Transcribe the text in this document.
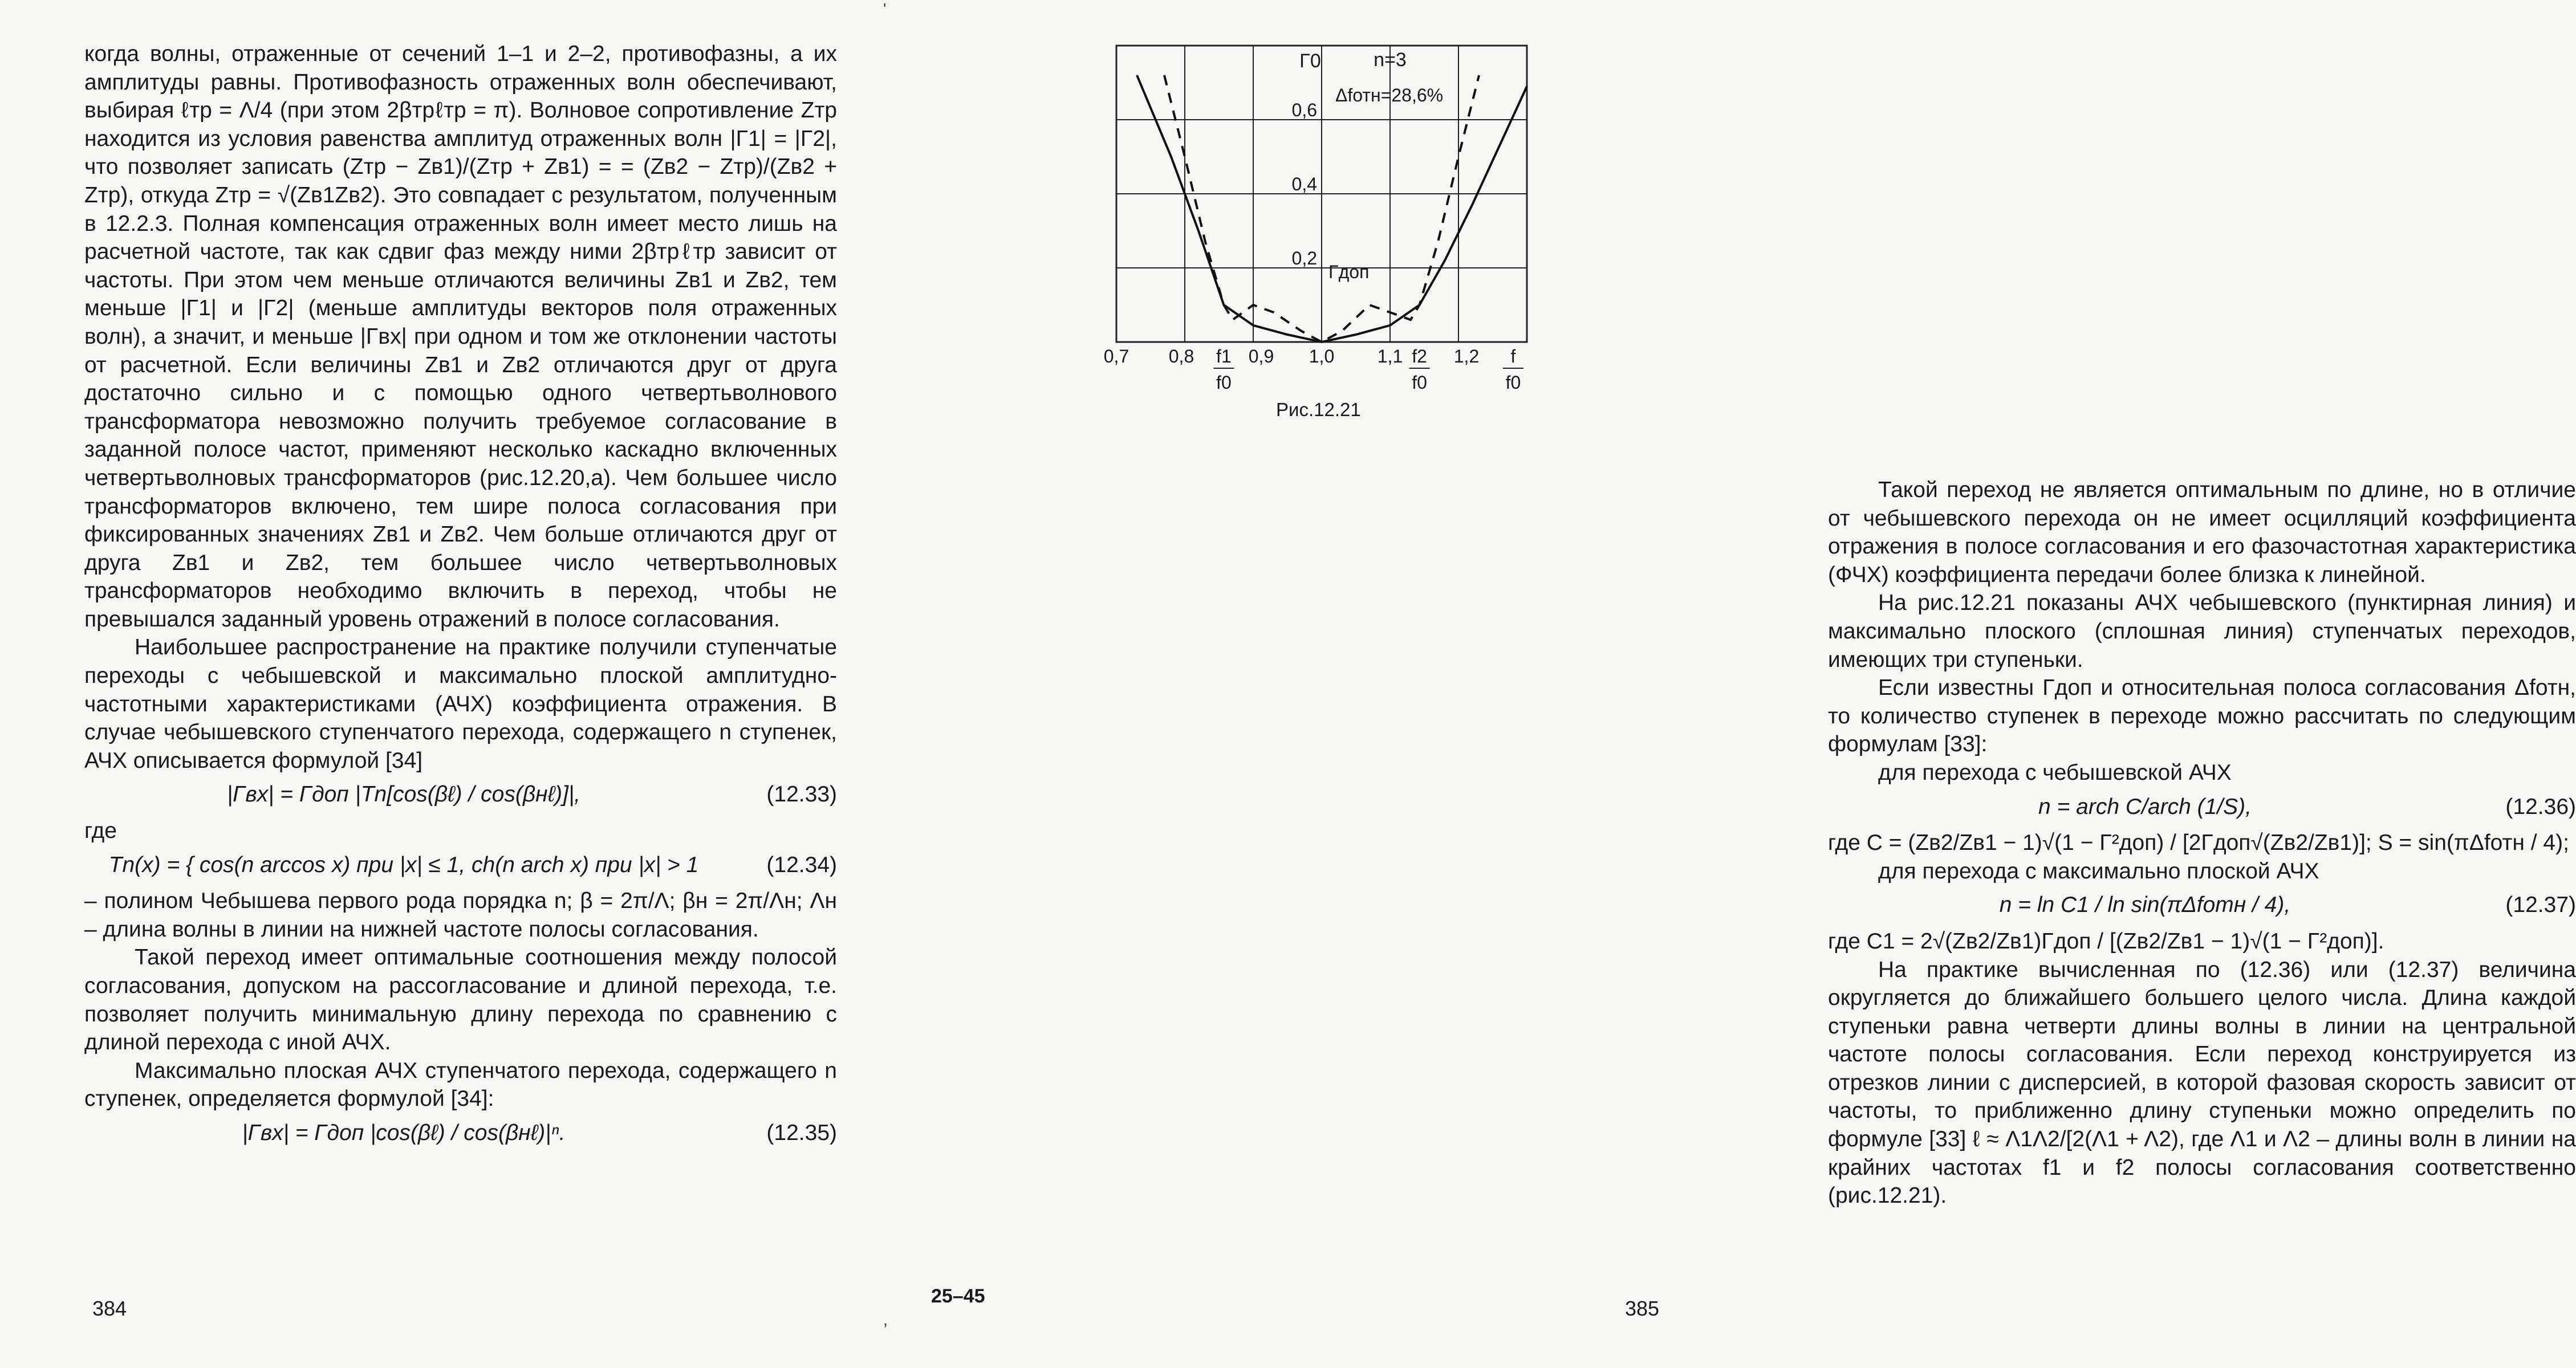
'
,

когда волны, отраженные от сечений 1–1 и 2–2, противофазны, а их амплитуды равны. Противофазность отраженных волн обеспечивают, выбирая ℓтр = Λ/4 (при этом 2βтрℓтр = π). Волновое сопротивление Zтр находится из условия равенства амплитуд отраженных волн |Γ1| = |Γ2|, что позволяет записать (Zтр − Zв1)/(Zтр + Zв1) = = (Zв2 − Zтр)/(Zв2 + Zтр), откуда Zтр = √(Zв1Zв2). Это совпадает с результатом, полученным в 12.2.3. Полная компенсация отраженных волн имеет место лишь на расчетной частоте, так как сдвиг фаз между ними 2βтрℓтр зависит от частоты. При этом чем меньше отличаются величины Zв1 и Zв2, тем меньше |Γ1| и |Γ2| (меньше амплитуды векторов поля отраженных волн), а значит, и меньше |Γвх| при одном и том же отклонении частоты от расчетной. Если величины Zв1 и Zв2 отличаются друг от друга достаточно сильно и с помощью одного четвертьволнового трансформатора невозможно получить требуемое согласование в заданной полосе частот, применяют несколько каскадно включенных четвертьволновых трансформаторов (рис.12.20,а). Чем большее число трансформаторов включено, тем шире полоса согласования при фиксированных значениях Zв1 и Zв2. Чем больше отличаются друг от друга Zв1 и Zв2, тем большее число четвертьволновых трансформаторов необходимо включить в переход, чтобы не превышался заданный уровень отражений в полосе согласования.

Наибольшее распространение на практике получили ступенчатые переходы с чебышевской и максимально плоской амплитудно-частотными характеристиками (АЧХ) коэффициента отражения. В случае чебышевского ступенчатого перехода, содержащего n ступенек, АЧХ описывается формулой [34]

|Γвх| = Γдоп |Tn[cos(βℓ) / cos(βнℓ)]|,	(12.33)

где

Tn(x) = { cos(n arccos x) при |x| ≤ 1, ch(n arch x) при |x| > 1	(12.34)

– полином Чебышева первого рода порядка n; β = 2π/Λ; βн = 2π/Λн; Λн – длина волны в линии на нижней частоте полосы согласования.

Такой переход имеет оптимальные соотношения между полосой согласования, допуском на рассогласование и длиной перехода, т.е. позволяет получить минимальную длину перехода по сравнению с длиной перехода с иной АЧХ.

Максимально плоская АЧХ ступенчатого перехода, содержащего n ступенек, определяется формулой [34]:

|Γвх| = Γдоп |cos(βℓ) / cos(βнℓ)|ⁿ.	(12.35)
384
Γ0
0,2
0,4
0,6
0,7 0,8	0,9 1,0 1,1	1,2
f1
f0
f2
f0
f
f0
n=3
Δfотн=28,6%
Γдоп
Рис.12.21

Такой переход не является оптимальным по длине, но в отличие от чебышевского перехода он не имеет осцилляций коэффициента отражения в полосе согласования и его фазочастотная характеристика (ФЧХ) коэффициента передачи более близка к линейной.

На рис.12.21 показаны АЧХ чебышевского (пунктирная линия) и максимально плоского (сплошная линия) ступенчатых переходов, имеющих три ступеньки.

Если известны Γдоп и относительная полоса согласования Δfотн, то количество ступенек в переходе можно рассчитать по следующим формулам [33]:

для перехода с чебышевской АЧХ

n = arch C/arch (1/S),	(12.36)

где C = (Zв2/Zв1 − 1)√(1 − Γ²доп) / [2Γдоп√(Zв2/Zв1)]; S = sin(πΔfотн / 4);

для перехода с максимально плоской АЧХ

n = ln C1 / ln sin(πΔfотн / 4),	(12.37)

где C1 = 2√(Zв2/Zв1)Γдоп / [(Zв2/Zв1 − 1)√(1 − Γ²доп)].

На практике вычисленная по (12.36) или (12.37) величина округляется до ближайшего большего целого числа. Длина каждой ступеньки равна четверти длины волны в линии на центральной частоте полосы согласования. Если переход конструируется из отрезков линии с дисперсией, в которой фазовая скорость зависит от частоты, то приближенно длину ступеньки можно определить по формуле [33] ℓ ≈ Λ1Λ2/[2(Λ1 + Λ2), где Λ1 и Λ2 – длины волн в линии на крайних частотах f1 и f2 полосы согласования соответственно (рис.12.21).

25–45
385
